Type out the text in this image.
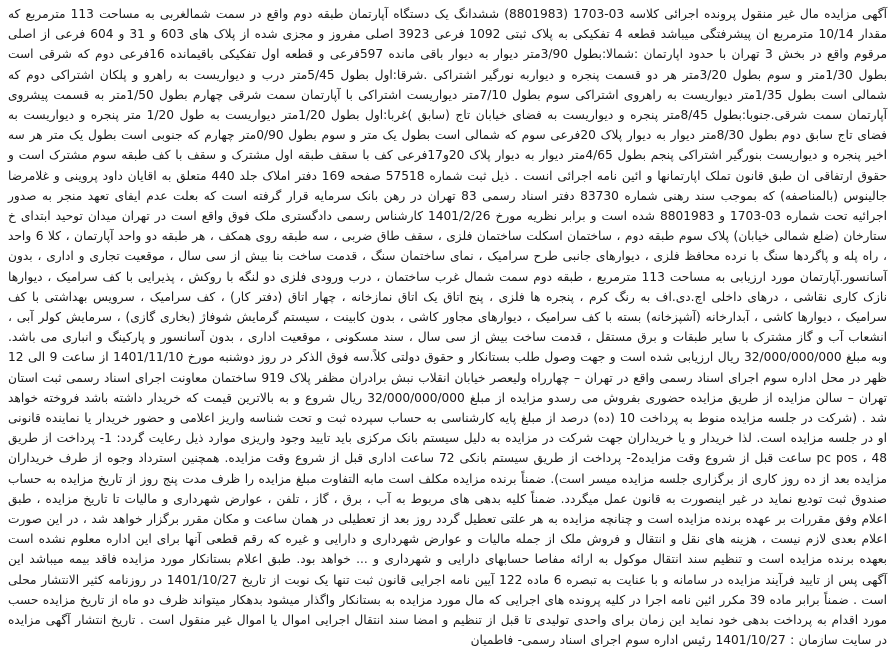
آگهی مزایده مال غیر منقول پرونده اجرائی کلاسه 03-1703 (8801983) ششدانگ یک دستگاه آپارتمان طبقه دوم واقع در سمت شمالغربی به مساحت 113 مترمربع که مقدار 10/14 مترمربع ان پیشرفتگی میباشد قطعه 4 تفکیکی به پلاک ثبتی 1092 فرعی 3923 اصلی مفروز و مجزی شده از پلاک های 603 و 31 و 604 فرعی از اصلی مرقوم واقع در بخش 3 تهران با حدود اپارتمان :شمالا:بطول 3/90متر دیوار به دیوار باقی مانده 597فرعی و قطعه اول تفکیکی باقیمانده 16فرعی دوم که شرقی است بطول 1/30متر و سوم بطول 3/20متر هر دو قسمت پنجره و دیواربه نورگیر اشتراکی .شرقا:اول بطول 5/45متر درب و دیواریست به راهرو و پلکان اشتراکی دوم که شمالی است بطول 1/35متر دیواریست به راهروی اشتراکی سوم بطول 7/10متر دیواریست اشتراکی با آپارتمان سمت شرقی چهارم بطول 1/50متر به قسمت پیشروی آپارتمان سمت شرقی.جنوبا:بطول 8/45متر پنجره و دیواریست به فضای خیابان تاج (سابق )غربا:اول بطول 1/20متر دیواریست به طول 1/20 متر پنجره و دیواریست به فضای تاج سابق دوم بطول 8/30متر دیوار به دیوار پلاک 20فرعی سوم که شمالی است بطول یک متر و سوم بطول 0/90متر چهارم که جنوبی است بطول یک متر هر سه اخیر پنجره و دیواریست بنورگیر اشتراکی پنجم بطول 4/65متر دیوار به دیوار پلاک 20و17فرعی کف با سقف طبقه اول مشترک و سقف با کف طبقه سوم مشترک است و حقوق ارتفاقی ان طبق قانون تملک اپارتمانها و ائین نامه اجرائی انست . ذیل ثبت شماره 57518 صفحه 169 دفتر املاک جلد 440 متعلق به اقایان داود پروینی و غلامرضا جالینوس (بالمناصفه) که بموجب سند رهنی شماره 83730 دفتر اسناد رسمی 83 تهران در رهن بانک سرمایه قرار گرفته است که بعلت عدم ایفای تعهد منجر به صدور اجرائیه تحت شماره 03-1703 و 8801983 شده است و برابر نظریه مورخ 1401/2/26 کارشناس رسمی دادگستری ملک فوق واقع است در تهران میدان توحید ابتدای خ ستارخان (ضلع شمالی خیابان) پلاک سوم طبقه دوم ، ساختمان اسکلت ساختمان فلزی ، سقف طاق ضربی ، سه طبقه روی همکف ، هر طبقه دو واحد آپارتمان ، کلا 6 واحد ، راه پله و پاگردها سنگ با نرده محافظ فلزی ، دیوارهای جانبی طرح سرامیک ، نمای ساختمان سنگ ، قدمت ساخت بنا بیش از سی سال ، موقعیت تجاری و اداری ، بدون آسانسور.آپارتمان مورد ارزیابی به مساحت 113 مترمربع ، طبقه دوم سمت شمال غرب ساختمان ، درب ورودی فلزی دو لنگه با روکش ، پذیرایی با کف سرامیک ، دیوارها نازک کاری نقاشی ، درهای داخلی اچ.دی.اف به رنگ کرم ، پنجره ها فلزی ، پنج اتاق یک اتاق نمازخانه ، چهار اتاق (دفتر کار) ، کف سرامیک ، سرویس بهداشتی با کف سرامیک ، دیوارها کاشی ، آبدارخانه (آشپزخانه) بسته با کف سرامیک ، دیوارهای مجاور کاشی ، بدون کابینت ، سیستم گرمایش شوفاژ (بخاری گازی) ، سرمایش کولر آبی ، انشعاب آب و گاز مشترک با سایر طبقات و برق مستقل ، قدمت ساخت بیش از سی سال ، سند مسکونی ، موقعیت اداری ، بدون آسانسور و پارکینگ و انباری می باشد. وبه مبلغ 32/000/000/000 ریال ارزیابی شده است و جهت وصول طلب بستانکار و حقوق دولتی کلاً.سه فوق الذکر در روز دوشنبه مورخ 1401/11/10 از ساعت 9 الی 12 ظهر در محل اداره سوم اجرای اسناد رسمی واقع در تهران – چهارراه ولیعصر خیابان انقلاب نبش برادران مظفر پلاک 919 ساختمان معاونت اجرای اسناد رسمی ثبت استان تهران – سالن مزایده از طریق مزایده حضوری بفروش می رسدو مزایده از مبلغ 32/000/000/000 ریال شروع و به بالاترین قیمت که خریدار داشته باشد فروخته خواهد شد . (شرکت در جلسه مزایده منوط به پرداخت 10 (ده) درصد از مبلغ پایه کارشناسی به حساب سپرده ثبت و تحت شناسه واریز اعلامی و حضور خریدار یا نماینده قانونی او در جلسه مزایده است. لذا خریدار و یا خریداران جهت شرکت در مزایده به دلیل سیستم بانک مرکزی باید تایید وجود واریزی موارد ذیل رعایت گردد: 1- پرداخت از طریق pc pos ، 48 ساعت قبل از شروع وقت مزایده2- پرداخت از طریق سیستم بانکی 72 ساعت اداری قبل از شروع وقت مزایده. همچنین استرداد وجوه از طرف خریداران مزایده بعد از ده روز کاری از برگزاری جلسه مزایده میسر است). ضمناً برنده مزایده مکلف است مابه التفاوت مبلغ مزایده را ظرف مدت پنج روز از تاریخ مزایده به حساب صندوق ثبت تودیع نماید در غیر اینصورت به قانون عمل میگردد. ضمناً کلیه بدهی های مربوط به آب ، برق ، گاز ، تلفن ، عوارض شهرداری و مالیات تا تاریخ مزایده ، طبق اعلام وفق مقررات بر عهده برنده مزایده است و چنانچه مزایده به هر علتی تعطیل گردد روز بعد از تعطیلی در همان ساعت و مکان مقرر برگزار خواهد شد ، در این صورت اعلام بعدی لازم نیست ، هزینه های نقل و انتقال و فروش ملک از جمله مالیات و عوارض شهرداری و دارایی و غیره که رقم قطعی آنها برای این اداره معلوم نشده است بعهده برنده مزایده است و تنظیم سند انتقال موکول به ارائه مفاصا حسابهای دارایی و شهرداری و ... خواهد بود. طبق اعلام بستانکار مورد مزایده فاقد بیمه میباشد این آگهی پس از تایید فرآیند مزایده در سامانه و با عنایت به تبصره 6 ماده 122 آیین نامه اجرایی قانون ثبت تنها یک نوبت از تاریخ 1401/10/27 در روزنامه کثیر الانتشار محلی است . ضمناً برابر ماده 39 مکرر ائین نامه اجرا در کلیه پرونده های اجرایی که مال مورد مزایده به بستانکار واگذار میشود بدهکار میتواند ظرف دو ماه از تاریخ مزایده حسب مورد اقدام به پرداخت بدهی خود نماید این زمان برای واحدی تولیدی تا قبل از تنظیم و امضا سند انتقال اجرایی اموال یا اموال غیر منقول است . تاریخ انتشار آگهی مزایده در سایت سازمان : 1401/10/27 رئیس اداره سوم اجرای اسناد رسمی- فاطمیان
